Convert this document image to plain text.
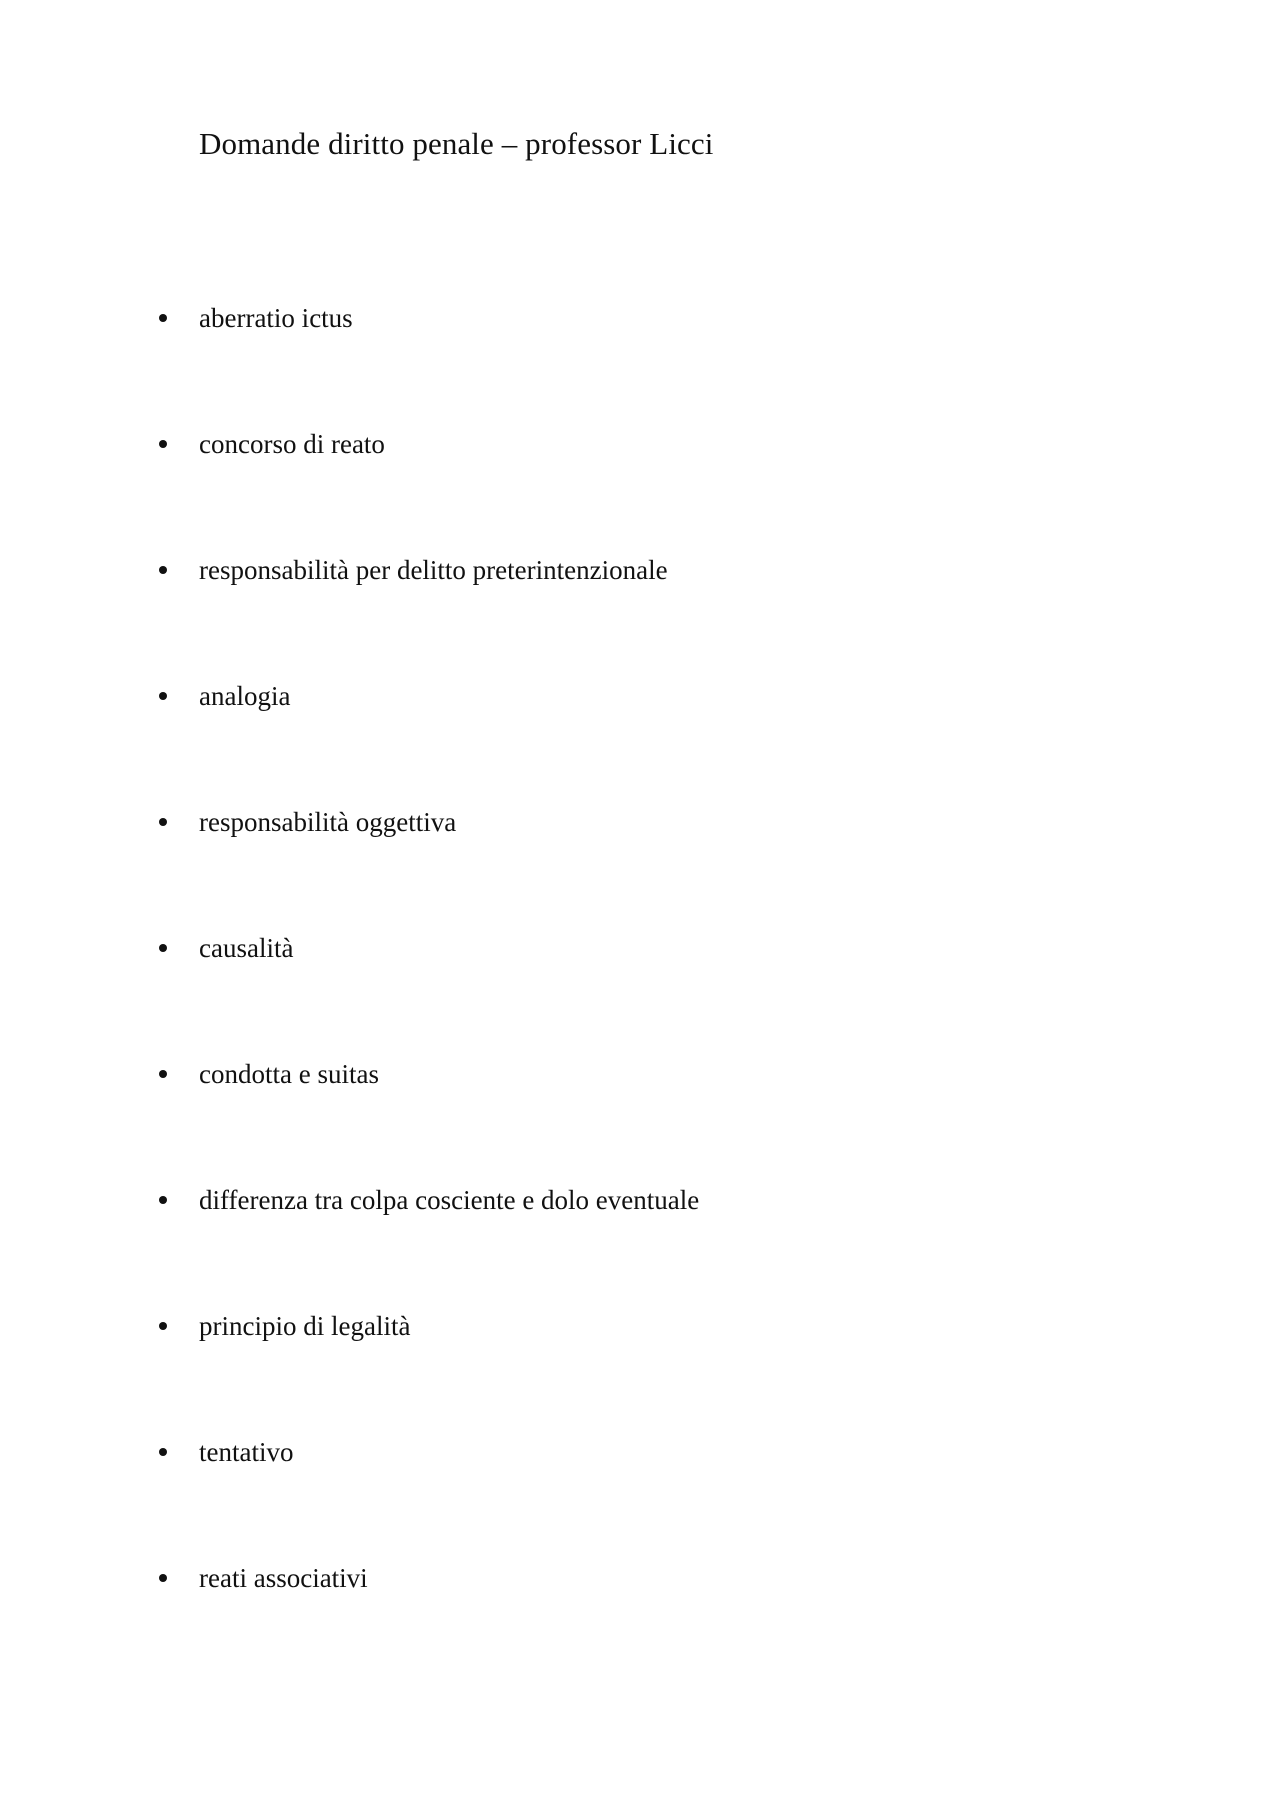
Domande diritto penale – professor Licci
aberratio ictus
concorso di reato
responsabilità per delitto preterintenzionale
analogia
responsabilità oggettiva
causalità
condotta e suitas
differenza tra colpa cosciente e dolo eventuale
principio di legalità
tentativo
reati associativi
